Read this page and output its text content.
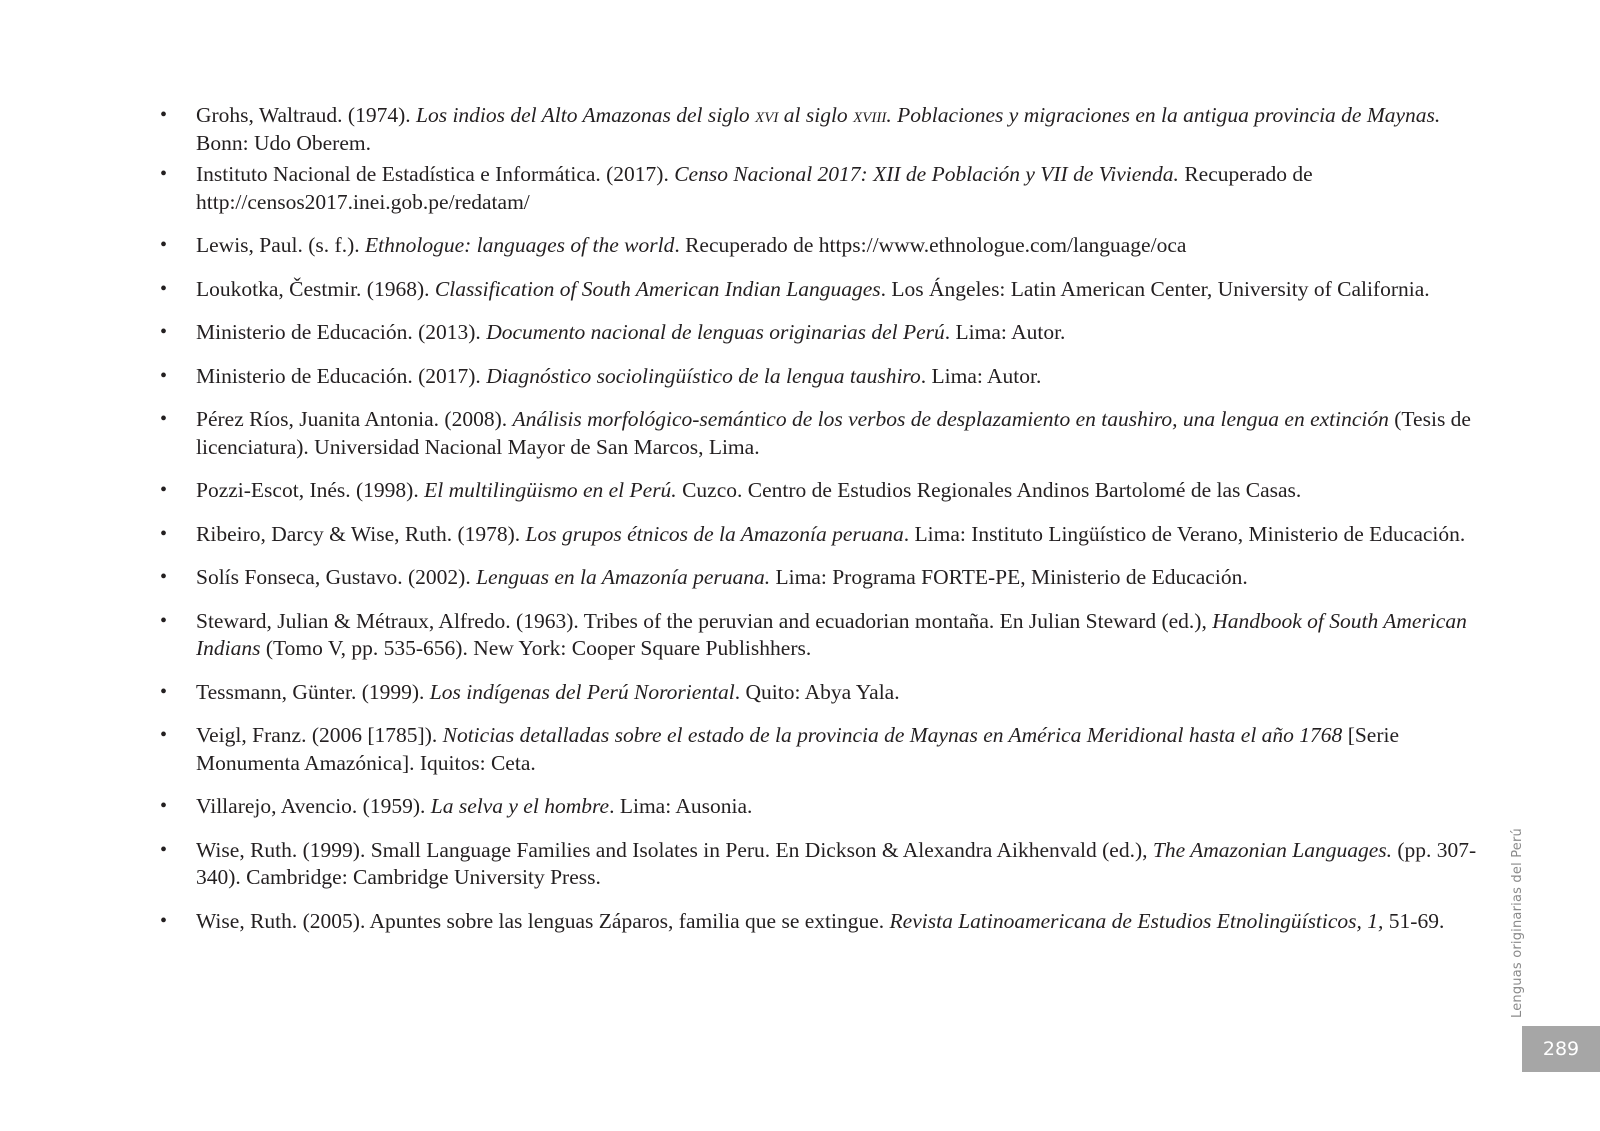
• Grohs, Waltraud. (1974). Los indios del Alto Amazonas del siglo xvi al siglo xviii. Poblaciones y migraciones en la antigua provincia de Maynas. Bonn: Udo Oberem.
• Instituto Nacional de Estadística e Informática. (2017). Censo Nacional 2017: XII de Población y VII de Vivienda. Recuperado de http://censos2017.inei.gob.pe/redatam/
• Lewis, Paul. (s. f.). Ethnologue: languages of the world. Recuperado de https://www.ethnologue.com/language/oca
• Loukotka, Čestmir. (1968). Classification of South American Indian Languages. Los Ángeles: Latin American Center, University of California.
• Ministerio de Educación. (2013). Documento nacional de lenguas originarias del Perú. Lima: Autor.
• Ministerio de Educación. (2017). Diagnóstico sociolingüístico de la lengua taushiro. Lima: Autor.
• Pérez Ríos, Juanita Antonia. (2008). Análisis morfológico-semántico de los verbos de desplazamiento en taushiro, una lengua en extinción (Tesis de licenciatura). Universidad Nacional Mayor de San Marcos, Lima.
• Pozzi-Escot, Inés. (1998). El multilingüismo en el Perú. Cuzco. Centro de Estudios Regionales Andinos Bartolomé de las Casas.
• Ribeiro, Darcy & Wise, Ruth. (1978). Los grupos étnicos de la Amazonía peruana. Lima: Instituto Lingüístico de Verano, Ministerio de Educación.
• Solís Fonseca, Gustavo. (2002). Lenguas en la Amazonía peruana. Lima: Programa FORTE-PE, Ministerio de Educación.
• Steward, Julian & Métraux, Alfredo. (1963). Tribes of the peruvian and ecuadorian montaña. En Julian Steward (ed.), Handbook of South American Indians (Tomo V, pp. 535-656). New York: Cooper Square Publishhers.
• Tessmann, Günter. (1999). Los indígenas del Perú Nororiental. Quito: Abya Yala.
• Veigl, Franz. (2006 [1785]). Noticias detalladas sobre el estado de la provincia de Maynas en América Meridional hasta el año 1768 [Serie Monumenta Amazónica]. Iquitos: Ceta.
• Villarejo, Avencio. (1959). La selva y el hombre. Lima: Ausonia.
• Wise, Ruth. (1999). Small Language Families and Isolates in Peru. En Dickson & Alexandra Aikhenvald (ed.), The Amazonian Languages. (pp. 307-340). Cambridge: Cambridge University Press.
• Wise, Ruth. (2005). Apuntes sobre las lenguas Záparos, familia que se extingue. Revista Latinoamericana de Estudios Etnolingüísticos, 1, 51-69.	Lenguas originarias del Perú
289
